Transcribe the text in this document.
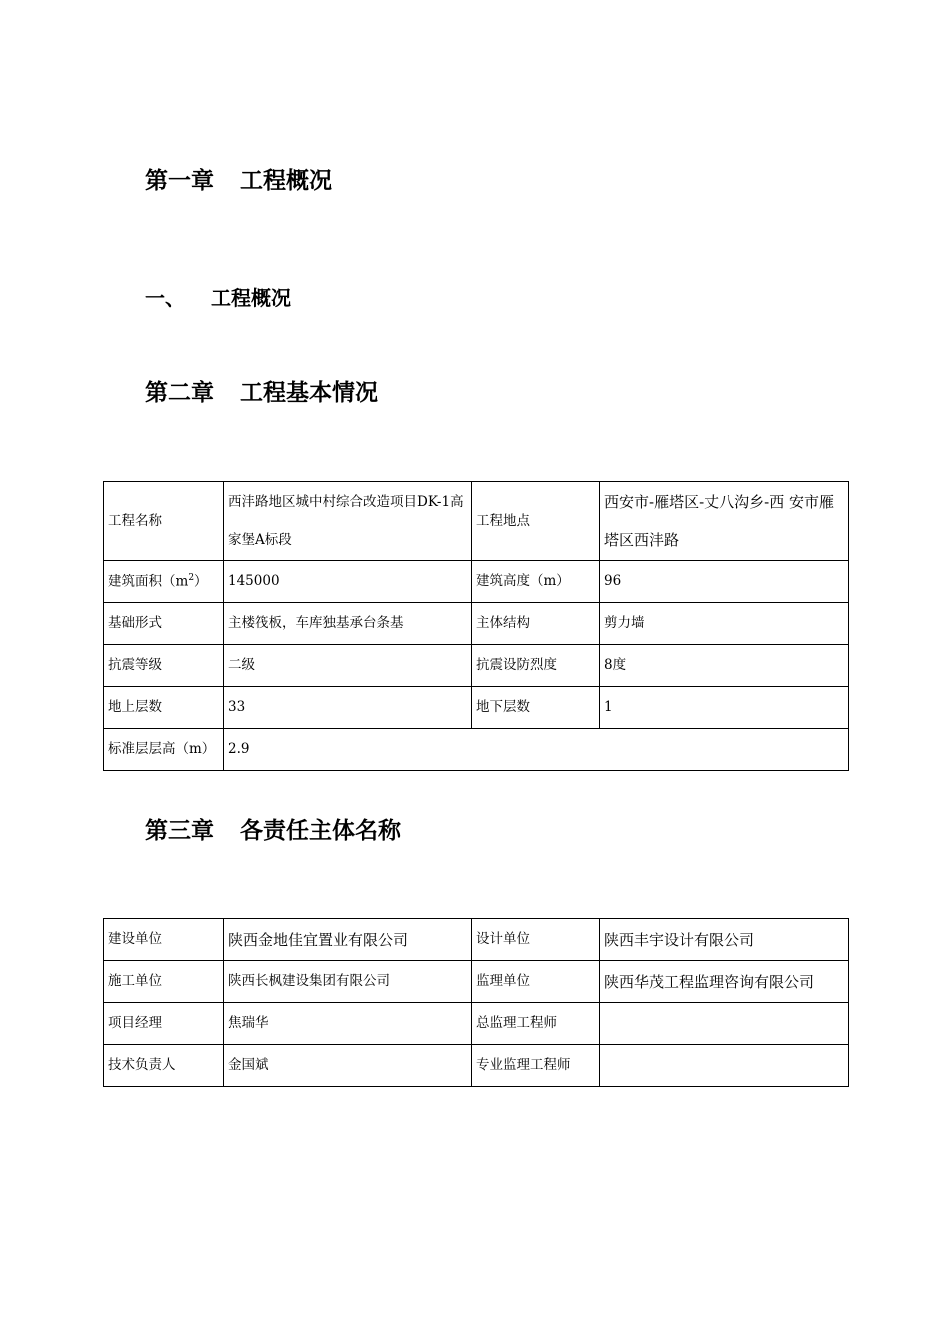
第一章 工程概况
一、 工程概况
第二章 工程基本情况
工程名称	西沣路地区城中村综合改造项目DK-1高家堡A标段	工程地点	西安市-雁塔区-丈八沟乡-西 安市雁塔区西沣路
建筑面积$(m^2)$	145000	建筑高度（m）	96
基础形式	主楼筏板，车库独基承台条基	主体结构	剪力墙
抗震等级	二级	抗震设防烈度	8度
地上层数	33	地下层数	1
标准层层高（m）	2.9		
第三章 各责任主体名称
建设单位	陕西金地佳宜置业有限公司	设计单位	陕西丰宇设计有限公司
施工单位	陕西长枫建设集团有限公司	监理单位	陕西华茂工程监理咨询有限公司
项目经理	焦瑞华	总监理工程师	
技术负责人	金国斌	专业监理工程师	
